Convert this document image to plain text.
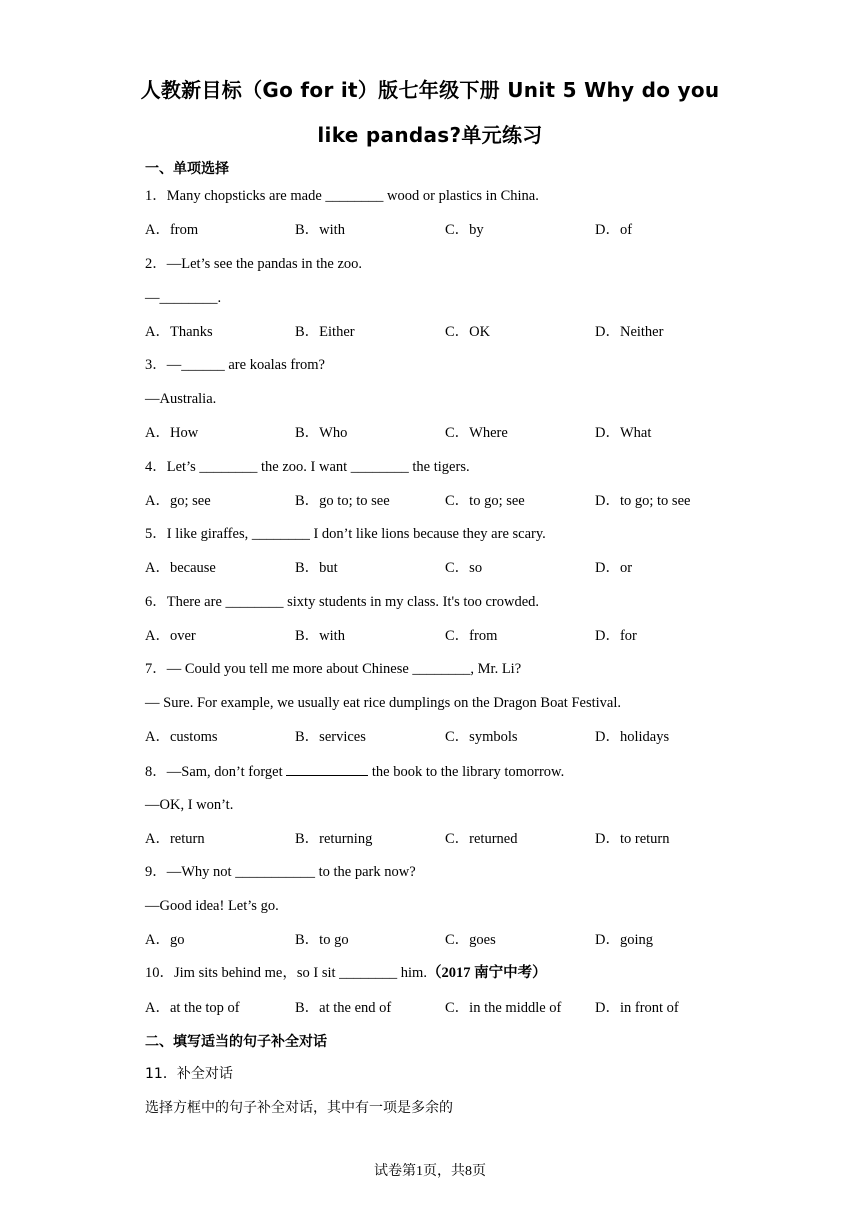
人教新目标（Go for it）版七年级下册 Unit 5 Why do you
like pandas?单元练习
一、单项选择
1．Many chopsticks are made ________ wood or plastics in China.
A．from	B．with	C．by	D．of
2．—Let’s see the pandas in the zoo.
—________.
A．Thanks	B．Either	C．OK	D．Neither
3．—______ are koalas from?
—Australia.
A．How	B．Who	C．Where	D．What
4．Let’s ________ the zoo. I want ________ the tigers.
A．go; see	B．go to; to see	C．to go; see	D．to go; to see
5．I like giraffes, ________ I don’t like lions because they are scary.
A．because	B．but	C．so	D．or
6．There are ________ sixty students in my class. It's too crowded.
A．over	B．with	C．from	D．for
7．— Could you tell me more about Chinese ________, Mr. Li?
— Sure. For example, we usually eat rice dumplings on the Dragon Boat Festival.
A．customs	B．services	C．symbols	D．holidays
8．—Sam, don’t forget	the book to the library tomorrow.
—OK, I won’t.
A．return	B．returning	C．returned	D．to return
9．—Why not ___________ to the park now?
—Good idea! Let’s go.
A．go	B．to go	C．goes	D．going
10．Jim sits behind me，so I sit ________ him.（2017 南宁中考）
A．at the top of	B．at the end of	C．in the middle of D．in front of
二、填写适当的句子补全对话
11．补全对话
选择方框中的句子补全对话，其中有一项是多余的
试卷第1页，共8页
